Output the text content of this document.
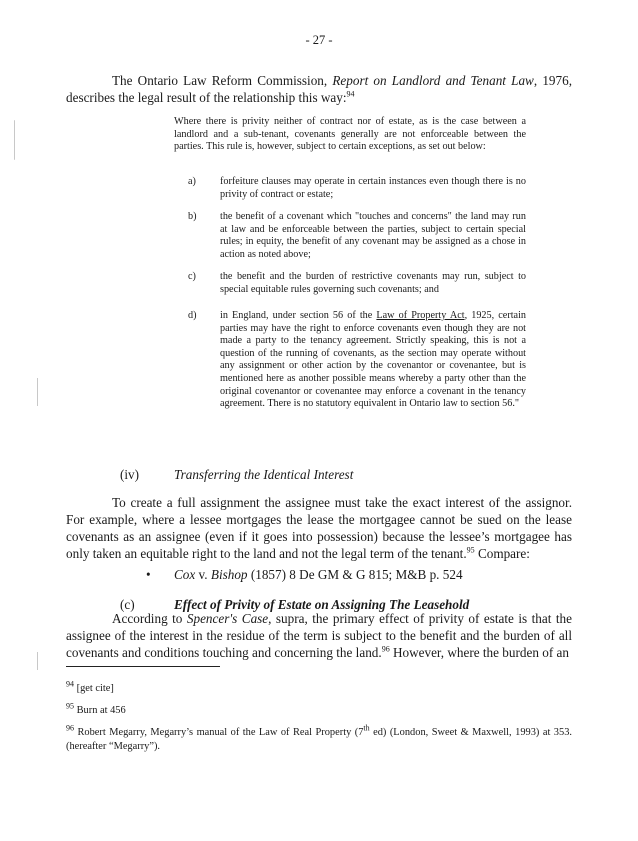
- 27 -
The Ontario Law Reform Commission, Report on Landlord and Tenant Law, 1976, describes the legal result of the relationship this way:$^{94}$
Where there is privity neither of contract nor of estate, as is the case between a landlord and a sub-tenant, covenants generally are not enforceable between the parties. This rule is, however, subject to certain exceptions, as set out below:
a) forfeiture clauses may operate in certain instances even though there is no privity of contract or estate;
b) the benefit of a covenant which "touches and concerns" the land may run at law and be enforceable between the parties, subject to certain special rules; in equity, the benefit of any covenant may be assigned as a chose in action as noted above;
c) the benefit and the burden of restrictive covenants may run, subject to special equitable rules governing such covenants; and
d) in England, under section 56 of the Law of Property Act, 1925, certain parties may have the right to enforce covenants even though they are not made a party to the tenancy agreement. Strictly speaking, this is not a question of the running of covenants, as the section may operate without any assignment or other action by the covenantor or covenantee, but is mentioned here as another possible means whereby a party other than the original covenantor or covenantee may enforce a covenant in the tenancy agreement. There is no statutory equivalent in Ontario law to section 56."
(iv)	Transferring the Identical Interest
To create a full assignment the assignee must take the exact interest of the assignor. For example, where a lessee mortgages the lease the mortgagee cannot be sued on the lease covenants as an assignee (even if it goes into possession) because the lessee’s mortgagee has only taken an equitable right to the land and not the legal term of the tenant.$^{95}$ Compare:
• Cox v. Bishop (1857) 8 De GM & G 815; M&B p. 524
(c)	Effect of Privity of Estate on Assigning The Leasehold
According to Spencer's Case, supra, the primary effect of privity of estate is that the assignee of the interest in the residue of the term is subject to the benefit and the burden of all covenants and conditions touching and concerning the land.$^{96}$ However, where the burden of an
$^{94}$ [get cite]
$^{95}$ Burn at 456
$^{96}$ Robert Megarry, Megarry’s manual of the Law of Real Property (7th ed) (London, Sweet & Maxwell, 1993) at 353. (hereafter “Megarry”).
